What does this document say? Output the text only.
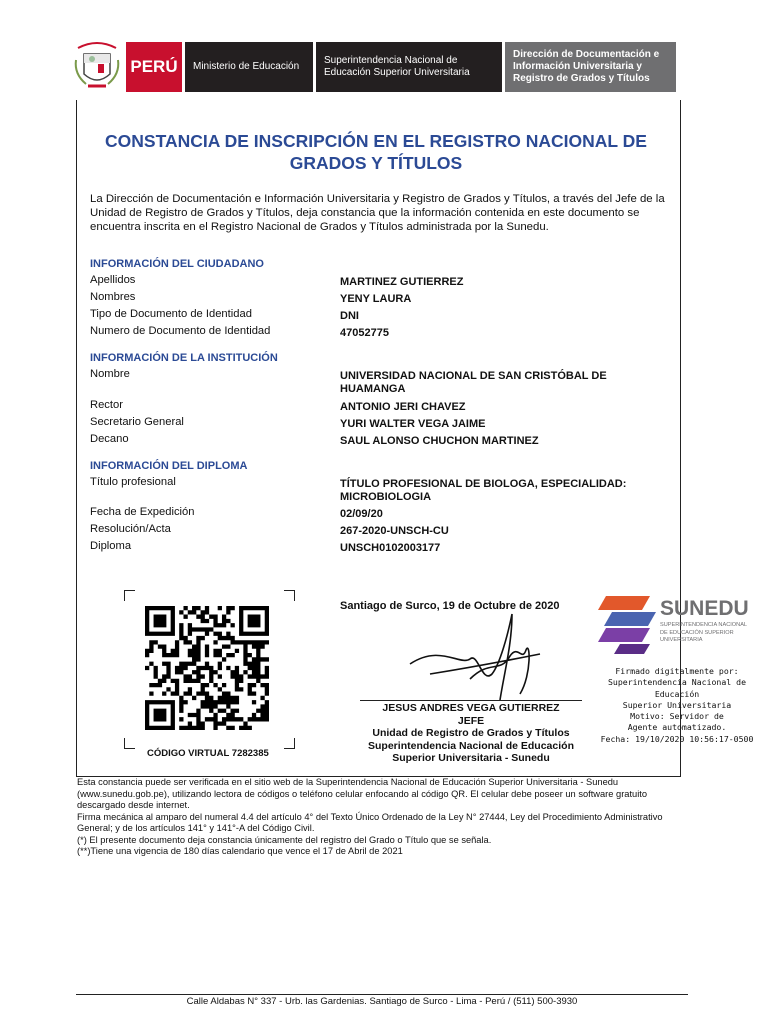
PERÚ	Ministerio de Educación
Superintendencia Nacional de Educación Superior Universitaria
Dirección de Documentación e Información Universitaria y Registro de Grados y Títulos
CONSTANCIA DE INSCRIPCIÓN EN EL REGISTRO NACIONAL DE GRADOS Y TÍTULOS
La Dirección de Documentación e Información Universitaria y Registro de Grados y Títulos, a través del Jefe de la Unidad de Registro de Grados y Títulos, deja constancia que la información contenida en este documento se encuentra inscrita en el Registro Nacional de Grados y Títulos administrada por la Sunedu.
INFORMACIÓN DEL CIUDADANO
Apellidos	MARTINEZ GUTIERREZ
Nombres	YENY LAURA
Tipo de Documento de Identidad	DNI
Numero de Documento de Identidad	47052775
INFORMACIÓN DE LA INSTITUCIÓN
Nombre	UNIVERSIDAD NACIONAL DE SAN CRISTÓBAL DE HUAMANGA
Rector	ANTONIO JERI CHAVEZ
Secretario General	YURI WALTER VEGA JAIME
Decano	SAUL ALONSO CHUCHON MARTINEZ
INFORMACIÓN DEL DIPLOMA
Título profesional	TÍTULO PROFESIONAL DE BIOLOGA, ESPECIALIDAD: MICROBIOLOGIA
Fecha de Expedición	02/09/20
Resolución/Acta	267-2020-UNSCH-CU
Diploma	UNSCH0102003177
CÓDIGO VIRTUAL 7282385
Santiago de Surco, 19 de Octubre de 2020
JESUS ANDRES VEGA GUTIERREZ
JEFE
Unidad de Registro de Grados y Títulos
Superintendencia Nacional de Educación
Superior Universitaria - Sunedu
SUNEDU
SUPERINTENDENCIA NACIONAL DE EDUCACIÓN SUPERIOR UNIVERSITARIA
Firmado digitalmente por:
Superintendencia Nacional de Educación
Superior Universitaria
Motivo: Servidor de
Agente automatizado.
Fecha: 19/10/2020 10:56:17-0500
Esta constancia puede ser verificada en el sitio web de la Superintendencia Nacional de Educación Superior Universitaria - Sunedu (www.sunedu.gob.pe), utilizando lectora de códigos o teléfono celular enfocando al código QR. El celular debe poseer un software gratuito descargado desde internet.
Firma mecánica al amparo del numeral 4.4 del artículo 4° del Texto Único Ordenado de la Ley N° 27444, Ley del Procedimiento Administrativo General; y de los artículos 141° y 141°-A del Código Civil.
(*) El presente documento deja constancia únicamente del registro del Grado o Título que se señala.
(**)Tiene una vigencia de 180 días calendario que vence el 17 de Abril de 2021
Calle Aldabas N° 337 - Urb. las Gardenias. Santiago de Surco - Lima - Perú / (511) 500-3930
